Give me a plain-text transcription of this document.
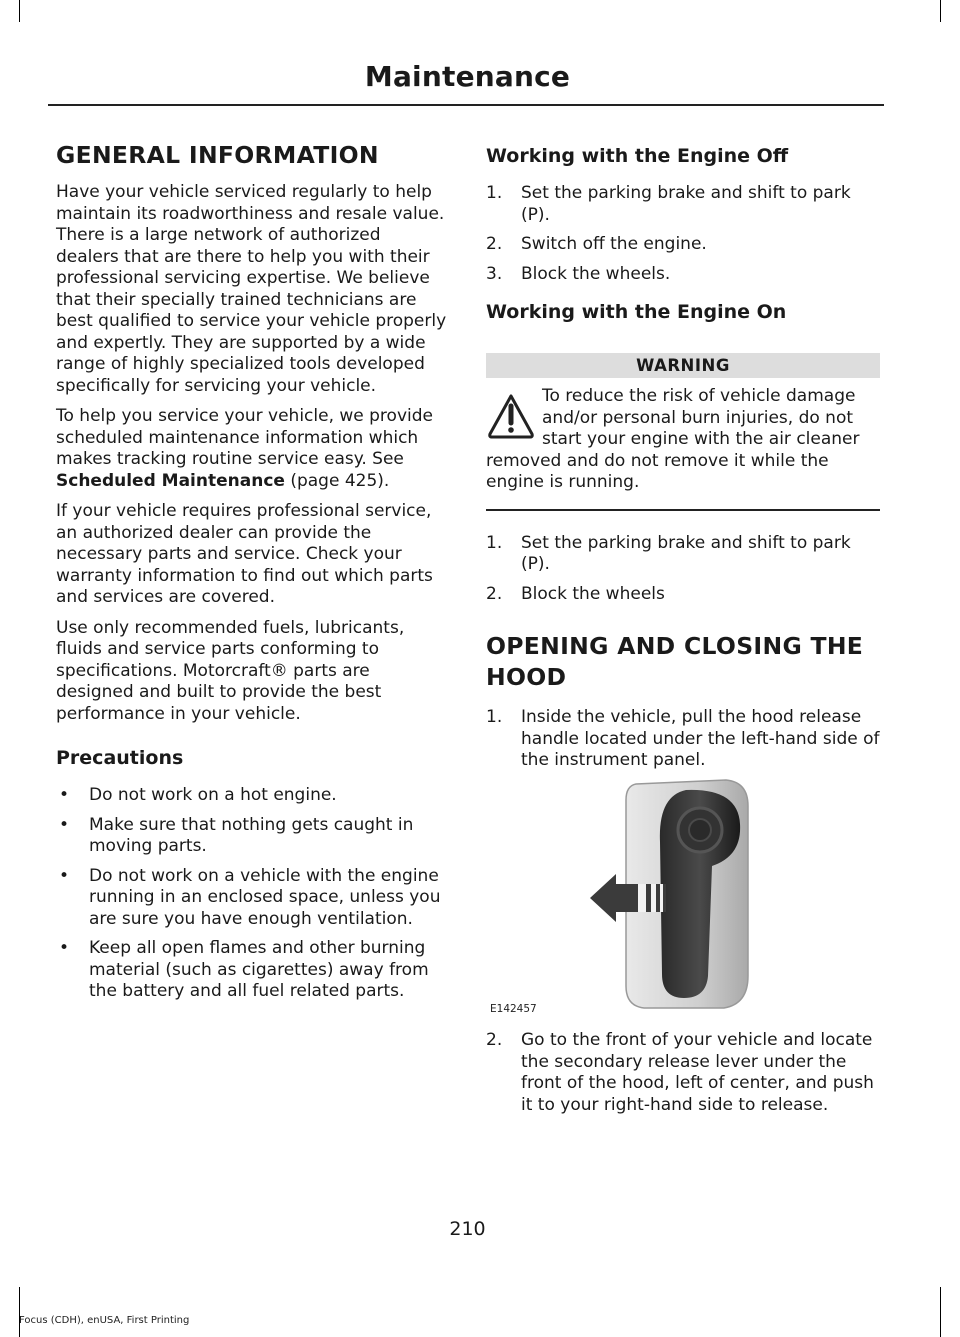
Maintenance
GENERAL INFORMATION

Have your vehicle serviced regularly to help maintain its roadworthiness and resale value. There is a large network of authorized dealers that are there to help you with their professional servicing expertise. We believe that their specially trained technicians are best qualified to service your vehicle properly and expertly. They are supported by a wide range of highly specialized tools developed specifically for servicing your vehicle.

To help you service your vehicle, we provide scheduled maintenance information which makes tracking routine service easy. See Scheduled Maintenance (page 425).

If your vehicle requires professional service, an authorized dealer can provide the necessary parts and service. Check your warranty information to find out which parts and services are covered.

Use only recommended fuels, lubricants, fluids and service parts conforming to specifications. Motorcraft® parts are designed and built to provide the best performance in your vehicle.

Precautions
• Do not work on a hot engine.
• Make sure that nothing gets caught in moving parts.
• Do not work on a vehicle with the engine running in an enclosed space, unless you are sure you have enough ventilation.
• Keep all open flames and other burning material (such as cigarettes) away from the battery and all fuel related parts.
Working with the Engine Off
1. Set the parking brake and shift to park (P).
2. Switch off the engine.
3. Block the wheels.
Working with the Engine On
WARNING
To reduce the risk of vehicle damage and/or personal burn injuries, do not start your engine with the air cleaner removed and do not remove it while the engine is running.
1. Set the parking brake and shift to park (P).
2. Block the wheels
OPENING AND CLOSING THE
HOOD
1. Inside the vehicle, pull the hood release handle located under the left-hand side of the instrument panel.
E142457
2. Go to the front of your vehicle and locate the secondary release lever under the front of the hood, left of center, and push it to your right-hand side to release.
210
Focus (CDH), enUSA, First Printing
